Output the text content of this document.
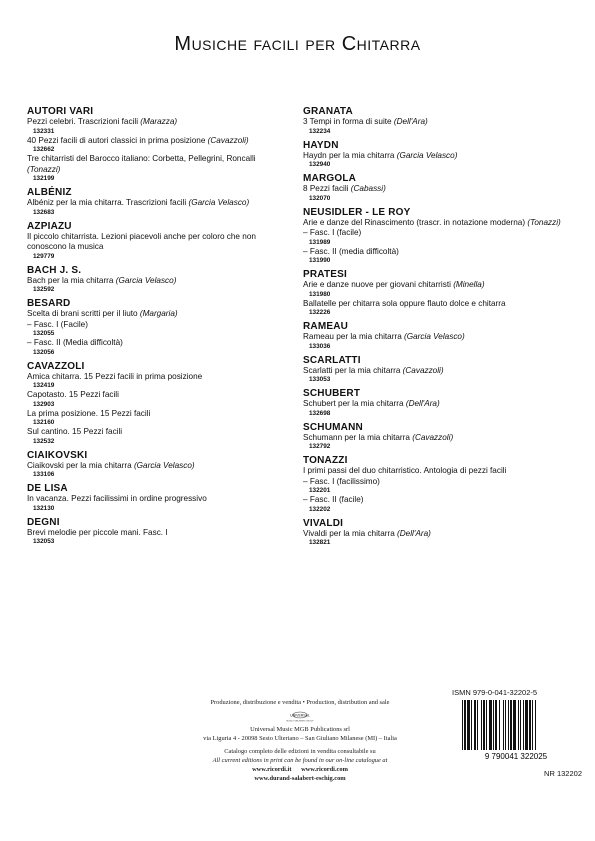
Musiche facili per Chitarra
AUTORI VARI
Pezzi celebri. Trascrizioni facili (Marazza)
132331
40 Pezzi facili di autori classici in prima posizione (Cavazzoli)
132662
Tre chitarristi del Barocco italiano: Corbetta, Pellegrini, Roncalli (Tonazzi)
132199
ALBÉNIZ
Albéniz per la mia chitarra. Trascrizioni facili (Garcia Velasco)
132683
AZPIAZU
Il piccolo chitarrista. Lezioni piacevoli anche per coloro che non conoscono la musica
129779
BACH J. S.
Bach per la mia chitarra (Garcia Velasco)
132592
BESARD
Scelta di brani scritti per il liuto (Margaria)
– Fasc. I (Facile)
132055
– Fasc. II (Media difficoltà)
132056
CAVAZZOLI
Amica chitarra. 15 Pezzi facili in prima posizione
132419
Capotasto. 15 Pezzi facili
132903
La prima posizione. 15 Pezzi facili
132160
Sul cantino. 15 Pezzi facili
132532
CIAIKOVSKI
Ciaikovski per la mia chitarra (Garcia Velasco)
133106
DE LISA
In vacanza. Pezzi facilissimi in ordine progressivo
132130
DEGNI
Brevi melodie per piccole mani. Fasc. I
132053
GRANATA
3 Tempi in forma di suite (Dell'Ara)
132234
HAYDN
Haydn per la mia chitarra (Garcia Velasco)
132940
MARGOLA
8 Pezzi facili (Cabassi)
132070
NEUSIDLER - LE ROY
Arie e danze del Rinascimento (trascr. in notazione moderna) (Tonazzi)
– Fasc. I (facile)
131989
– Fasc. II (media difficoltà)
131990
PRATESI
Arie e danze nuove per giovani chitarristi (Minella)
131980
Ballatelle per chitarra sola oppure flauto dolce e chitarra
132226
RAMEAU
Rameau per la mia chitarra (Garcia Velasco)
133036
SCARLATTI
Scarlatti per la mia chitarra (Cavazzoli)
133053
SCHUBERT
Schubert per la mia chitarra (Dell'Ara)
132698
SCHUMANN
Schumann per la mia chitarra (Cavazzoli)
132792
TONAZZI
I primi passi del duo chitarristico. Antologia di pezzi facili
– Fasc. I (facilissimo)
132201
– Fasc. II (facile)
132202
VIVALDI
Vivaldi per la mia chitarra (Dell'Ara)
132821
Produzione, distribuzione e vendita • Production, distribution and sale
UNIVERSAL
MUSIC PUBLISHING GROUP
Universal Music MGB Publications srl
via Liguria 4 - 20098 Sesto Ulteriano – San Giuliano Milanese (MI) – Italia
Catalogo completo delle edizioni in vendita consultabile su
All current editions in print can be found in our on-line catalogue at
www.ricordi.it www.ricordi.com
www.durand-salabert-eschig.com
ISMN 979-0-041-32202-5
9 790041 322025
NR 132202
